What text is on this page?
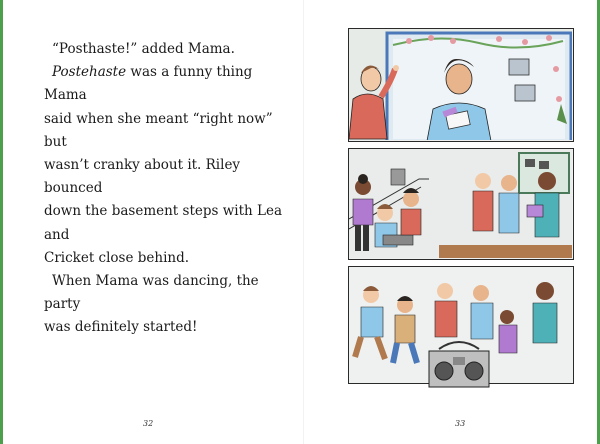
“Posthaste!” added Mama.

Postehaste was a funny thing Mama
said when she meant “right now” but
wasn’t cranky about it. Riley bounced
down the basement steps with Lea and
Cricket close behind.

When Mama was dancing, the party
was definitely started!

32	33
